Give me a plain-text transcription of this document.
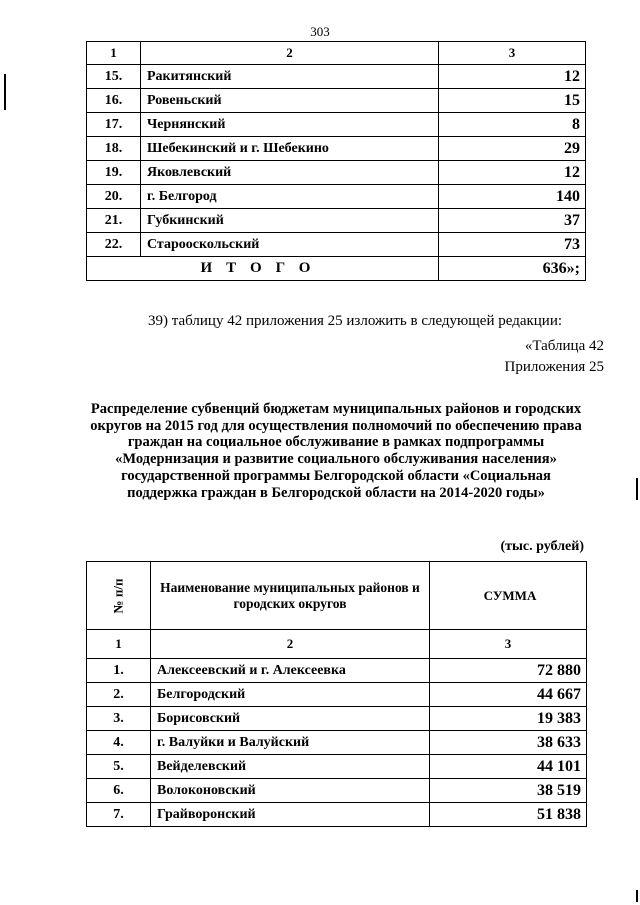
303
1	2	3
15.	Ракитянский	12
16.	Ровеньский	15
17.	Чернянский	8
18.	Шебекинский и г. Шебекино	29
19.	Яковлевский	12
20.	г. Белгород	140
21.	Губкинский	37
22.	Старооскольский	73
ИТОГО		636»;
39) таблицу 42 приложения 25 изложить в следующей редакции:
«Таблица 42
Приложения 25
Распределение субвенций бюджетам муниципальных районов и городских округов на 2015 год для осуществления полномочий по обеспечению права граждан на социальное обслуживание в рамках подпрограммы «Модернизация и развитие социального обслуживания населения» государственной программы Белгородской области «Социальная поддержка граждан в Белгородской области на 2014-2020 годы»
(тыс. рублей)
№ п/п	Наименование муниципальных районов и городских округов	СУММА
1	2	3
1.	Алексеевский и г. Алексеевка	72 880
2.	Белгородский	44 667
3.	Борисовский	19 383
4.	г. Валуйки и Валуйский	38 633
5.	Вейделевский	44 101
6.	Волоконовский	38 519
7.	Грайворонский	51 838
